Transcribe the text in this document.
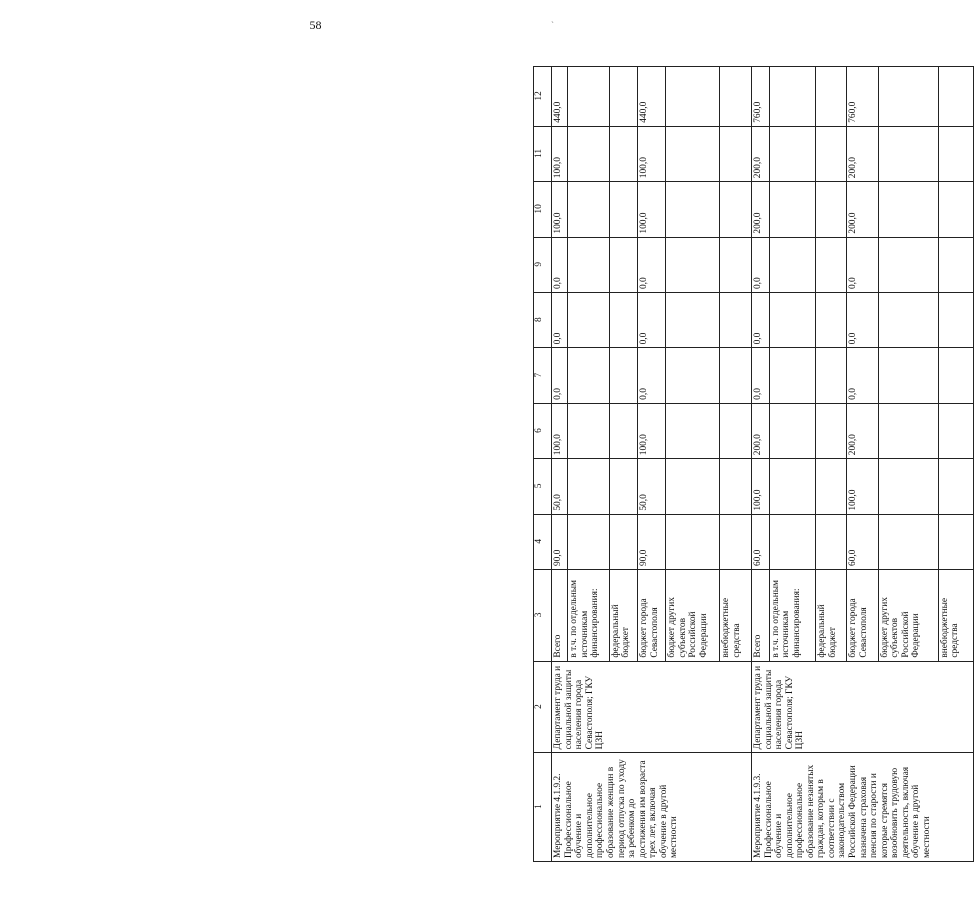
58	`
1	2	3	4	5	6	7	8	9	10	11	12
Мероприятие 4.1.9.2. Профессиональное обучение и дополнительное профессиональное образование женщин в период отпуска по уходу за ребенком до достижения им возраста трех лет, включая обучение в другой местности	Департамент труда и социальной защиты населения города Севастополя; ГКУ ЦЗН	Всего	90,0	50,0	100,0	0,0	0,0	0,0	100,0	100,0	440,0
		в т.ч. по отдельным источникам финансирования:									
		федеральный бюджет									
		бюджет города Севастополя	90,0	50,0	100,0	0,0	0,0	0,0	100,0	100,0	440,0
		бюджет других субъектов Российской Федерации									
		внебюджетные средства									
Мероприятие 4.1.9.3. Профессиональное обучение и дополнительное профессиональное образование незанятых граждан, которым в соответствии с законодательством Российской Федерации назначена страховая пенсия по старости и которые стремятся возобновить трудовую деятельность, включая обучение в другой местности	Департамент труда и социальной защиты населения города Севастополя; ГКУ ЦЗН	Всего	60,0	100,0	200,0	0,0	0,0	0,0	200,0	200,0	760,0
		в т.ч. по отдельным источникам финансирования:									
		федеральный бюджет									
		бюджет города Севастополя	60,0	100,0	200,0	0,0	0,0	0,0	200,0	200,0	760,0
		бюджет других субъектов Российской Федерации									
		внебюджетные средства									
